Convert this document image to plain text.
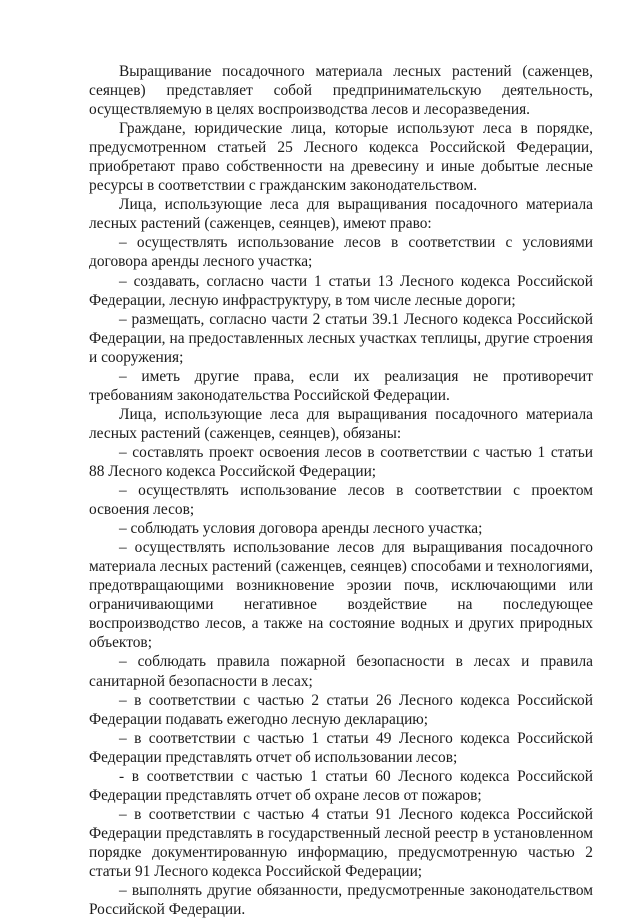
Выращивание посадочного материала лесных растений (саженцев, сеянцев) представляет собой предпринимательскую деятельность, осуществляемую в целях воспроизводства лесов и лесоразведения.

Граждане, юридические лица, которые используют леса в порядке, предусмотренном статьей 25 Лесного кодекса Российской Федерации, приобретают право собственности на древесину и иные добытые лесные ресурсы в соответствии с гражданским законодательством.

Лица, использующие леса для выращивания посадочного материала лесных растений (саженцев, сеянцев), имеют право:

– осуществлять использование лесов в соответствии с условиями договора аренды лесного участка;

– создавать, согласно части 1 статьи 13 Лесного кодекса Российской Федерации, лесную инфраструктуру, в том числе лесные дороги;

– размещать, согласно части 2 статьи 39.1 Лесного кодекса Российской Федерации, на предоставленных лесных участках теплицы, другие строения и сооружения;

– иметь другие права, если их реализация не противоречит требованиям законодательства Российской Федерации.

Лица, использующие леса для выращивания посадочного материала лесных растений (саженцев, сеянцев), обязаны:

– составлять проект освоения лесов в соответствии с частью 1 статьи 88 Лесного кодекса Российской Федерации;

– осуществлять использование лесов в соответствии с проектом освоения лесов;

– соблюдать условия договора аренды лесного участка;

– осуществлять использование лесов для выращивания посадочного материала лесных растений (саженцев, сеянцев) способами и технологиями, предотвращающими возникновение эрозии почв, исключающими или ограничивающими негативное воздействие на последующее воспроизводство лесов, а также на состояние водных и других природных объектов;

– соблюдать правила пожарной безопасности в лесах и правила санитарной безопасности в лесах;

– в соответствии с частью 2 статьи 26 Лесного кодекса Российской Федерации подавать ежегодно лесную декларацию;

– в соответствии с частью 1 статьи 49 Лесного кодекса Российской Федерации представлять отчет об использовании лесов;

- в соответствии с частью 1 статьи 60 Лесного кодекса Российской Федерации представлять отчет об охране лесов от пожаров;

– в соответствии с частью 4 статьи 91 Лесного кодекса Российской Федерации представлять в государственный лесной реестр в установленном порядке документированную информацию, предусмотренную частью 2 статьи 91 Лесного кодекса Российской Федерации;

– выполнять другие обязанности, предусмотренные законодательством Российской Федерации.
